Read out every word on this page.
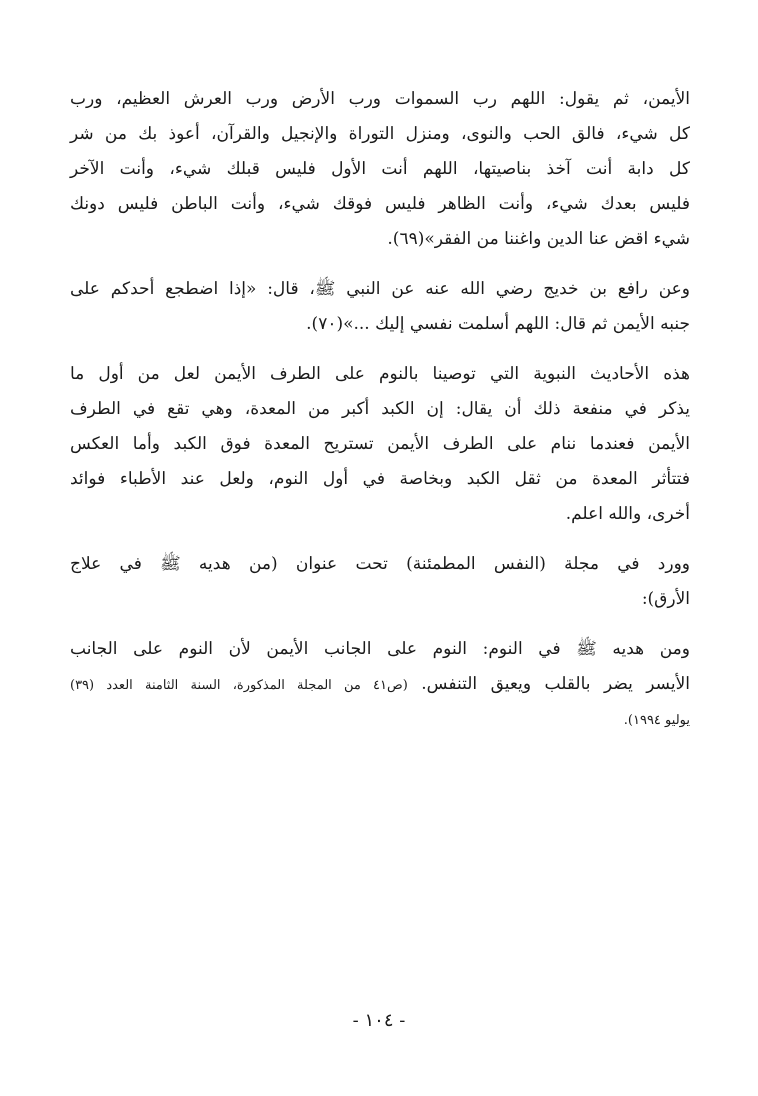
الأيمن، ثم يقول: اللهم رب السموات ورب الأرض ورب العرش العظيم، ورب
كل شيء، فالق الحب والنوى، ومنزل التوراة والإنجيل والقرآن، أعوذ بك من شر
كل دابة أنت آخذ بناصيتها، اللهم أنت الأول فليس قبلك شيء، وأنت الآخر
فليس بعدك شيء، وأنت الظاهر فليس فوقك شيء، وأنت الباطن فليس دونك
شيء اقض عنا الدين واغننا من الفقر»(٦٩).

وعن رافع بن خديج رضي الله عنه عن النبي ﷺ، قال: «إذا اضطجع أحدكم على
جنبه الأيمن ثم قال: اللهم أسلمت نفسي إليك ...»(٧٠).

هذه الأحاديث النبوية التي توصينا بالنوم على الطرف الأيمن لعل من أول ما
يذكر في منفعة ذلك أن يقال: إن الكبد أكبر من المعدة، وهي تقع في الطرف
الأيمن فعندما ننام على الطرف الأيمن تستريح المعدة فوق الكبد وأما العكس
فتتأثر المعدة من ثقل الكبد وبخاصة في أول النوم، ولعل عند الأطباء فوائد
أخرى، والله اعلم.

وورد في مجلة (النفس المطمئنة) تحت عنوان (من هديه ﷺ في علاج
الأرق):

ومن هديه ﷺ في النوم: النوم على الجانب الأيمن لأن النوم على الجانب
الأيسر يضر بالقلب ويعيق التنفس. (ص٤١ من المجلة المذكورة، السنة الثامنة العدد (٣٩)
يوليو ١٩٩٤).

- ١٠٤ -
